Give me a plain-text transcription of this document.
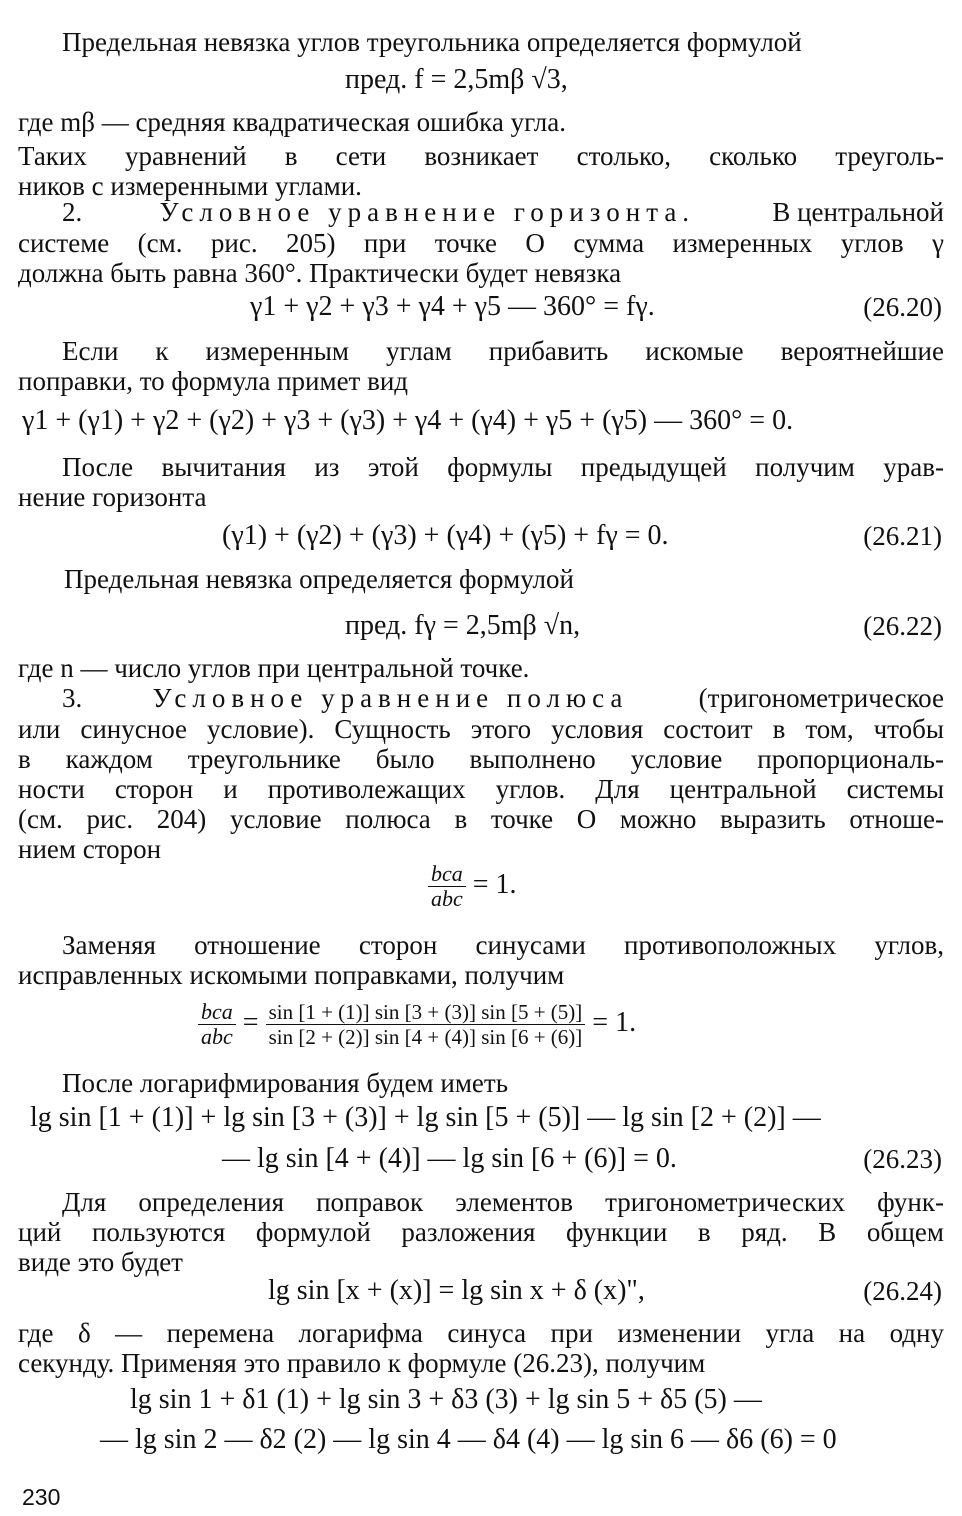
Предельная невязка углов треугольника определяется формулой
пред. f = 2,5mβ √3,
где mβ — средняя квадратическая ошибка угла.
Таких уравнений в сети возникает столько, сколько треуголь-
ников с измеренными углами.
2.	Условное уравнение горизонта.	В центральной
системе (см. рис. 205) при точке О сумма измеренных углов γ
должна быть равна 360°. Практически будет невязка
γ1 + γ2 + γ3 + γ4 + γ5 — 360° = fγ.	(26.20)
Если к измеренным углам прибавить искомые вероятнейшие
поправки, то формула примет вид
γ1 + (γ1) + γ2 + (γ2) + γ3 + (γ3) + γ4 + (γ4) + γ5 + (γ5) — 360° = 0.
После вычитания из этой формулы предыдущей получим урав-
нение горизонта
(γ1) + (γ2) + (γ3) + (γ4) + (γ5) + fγ = 0.	(26.21)
Предельная невязка определяется формулой
пред. fγ = 2,5mβ √n,	(26.22)
где n — число углов при центральной точке.
3.	Условное уравнение полюса	(тригонометрическое
или синусное условие). Сущность этого условия состоит в том, чтобы
в каждом треугольнике было выполнено условие пропорциональ-
ности сторон и противолежащих углов. Для центральной системы
(см. рис. 204) условие полюса в точке О можно выразить отноше-
нием сторон
$\frac{\text{bca}}{\text{abc}} = 1$.
Заменяя отношение сторон синусами противоположных углов,
исправленных искомыми поправками, получим
$\frac{\text{bca}}{\text{abc}} = \frac{\sin [1 + (1)] \sin [3 + (3)] \sin [5 + (5)]}{\sin [2 + (2)] \sin [4 + (4)] \sin [6 + (6)]} = 1$.
После логарифмирования будем иметь
lg sin [1 + (1)] + lg sin [3 + (3)] + lg sin [5 + (5)] — lg sin [2 + (2)] —
— lg sin [4 + (4)] — lg sin [6 + (6)] = 0.	(26.23)
Для определения поправок элементов тригонометрических функ-
ций пользуются формулой разложения функции в ряд. В общем
виде это будет
lg sin [x + (x)] = lg sin x + δ (x)",	(26.24)
где δ — перемена логарифма синуса при изменении угла на одну
секунду. Применяя это правило к формуле (26.23), получим
lg sin 1 + δ1 (1) + lg sin 3 + δ3 (3) + lg sin 5 + δ5 (5) —
— lg sin 2 — δ2 (2) — lg sin 4 — δ4 (4) — lg sin 6 — δ6 (6) = 0
230
